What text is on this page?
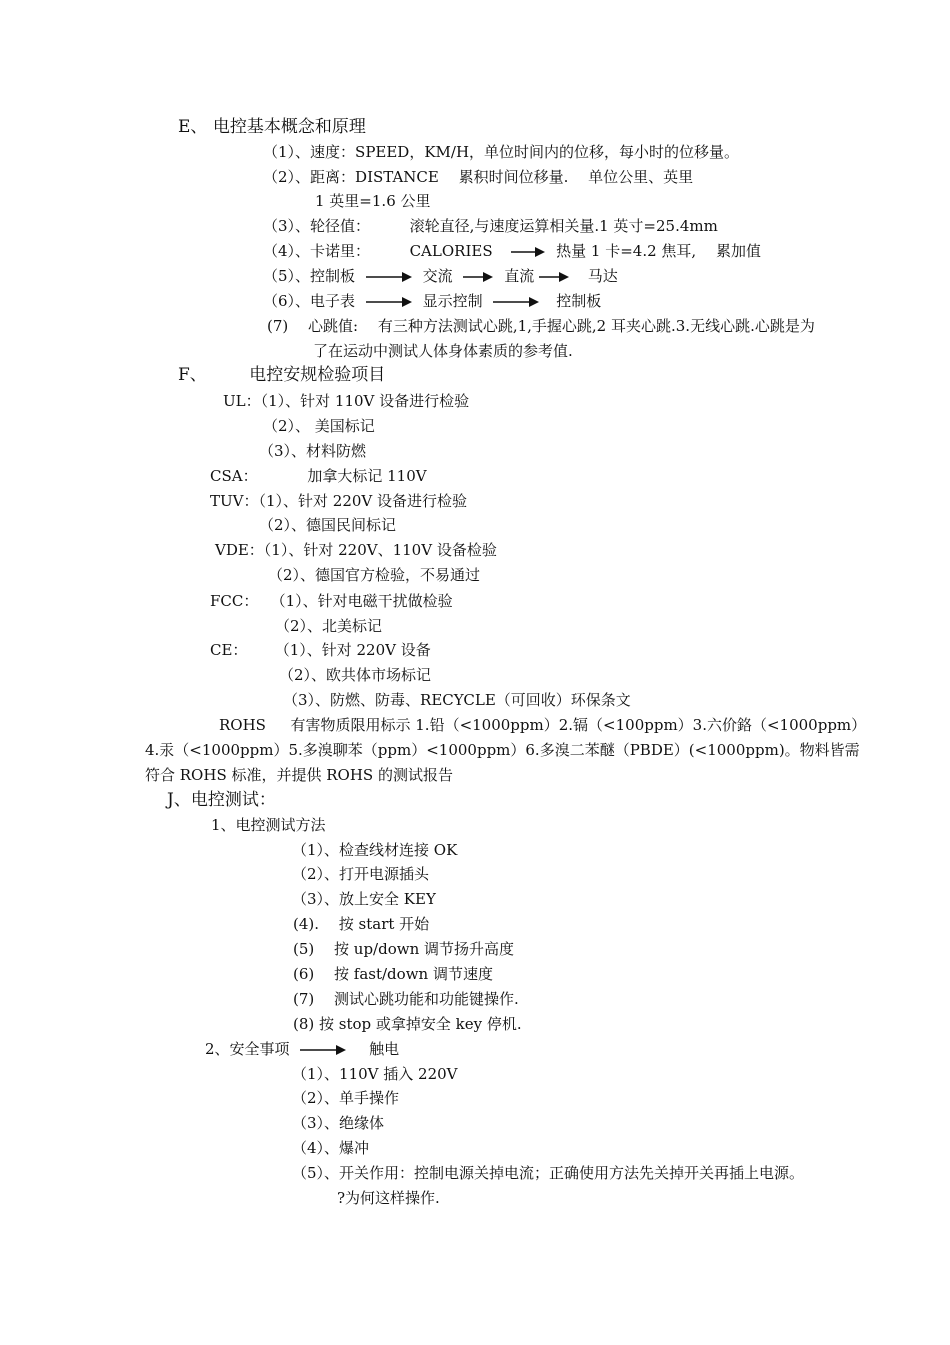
E、 电控基本概念和原理
（1）、速度：SPEED，KM/H，单位时间内的位移，每小时的位移量。
（2）、距离：DISTANCE 　累积时间位移量. 　单位公里、英里
1 英里=1.6 公里
（3）、轮径值： 　　 滚轮直径,与速度运算相关量.1 英寸=25.4mm
（4）、卡诺里： 　　 CALORIES	热量 1 卡=4.2 焦耳, 　累加值
（5）、控制板	交流	直流	马达
（6）、电子表	显示控制	控制板
(7) 　心跳值: 　有三种方法测试心跳,1,手握心跳,2 耳夹心跳.3.无线心跳.心跳是为
了在运动中测试人体身体素质的参考值.
F、　　　电控安规检验项目
UL：（1）、针对 110V 设备进行检验
（2）、 美国标记
（3）、材料防燃
CSA： 　　　加拿大标记 110V
TUV：（1）、针对 220V 设备进行检验
（2）、德国民间标记
VDE：（1）、针对 220V、110V 设备检验
（2）、德国官方检验，不易通过
FCC： 　（1）、针对电磁干扰做检验
（2）、北美标记
CE： 　　（1）、针对 220V 设备
（2）、欧共体市场标记
（3）、防燃、防毒、RECYCLE（可回收）环保条文
ROHS 　 有害物质限用标示 1.铅（<1000ppm）2.镉（<100ppm）3.六价鉻（<1000ppm）
4.汞（<1000ppm）5.多溴聊苯（ppm）<1000ppm）6.多溴二苯醚（PBDE）(<1000ppm)。物料皆需
符合 ROHS 标准，并提供 ROHS 的测试报告
J、电控测试：
1、电控测试方法
（1）、检查线材连接 OK
（2）、打开电源插头
（3）、放上安全 KEY
(4). 　按 start 开始
(5) 　按 up/down 调节扬升高度
(6) 　按 fast/down 调节速度
(7) 　测试心跳功能和功能键操作.
(8) 按 stop 或拿掉安全 key 停机.
2、安全事项	触电
（1）、110V 插入 220V
（2）、单手操作
（3）、绝缘体
（4）、爆冲
（5）、开关作用：控制电源关掉电流；正确使用方法先关掉开关再插上电源。
?为何这样操作.
